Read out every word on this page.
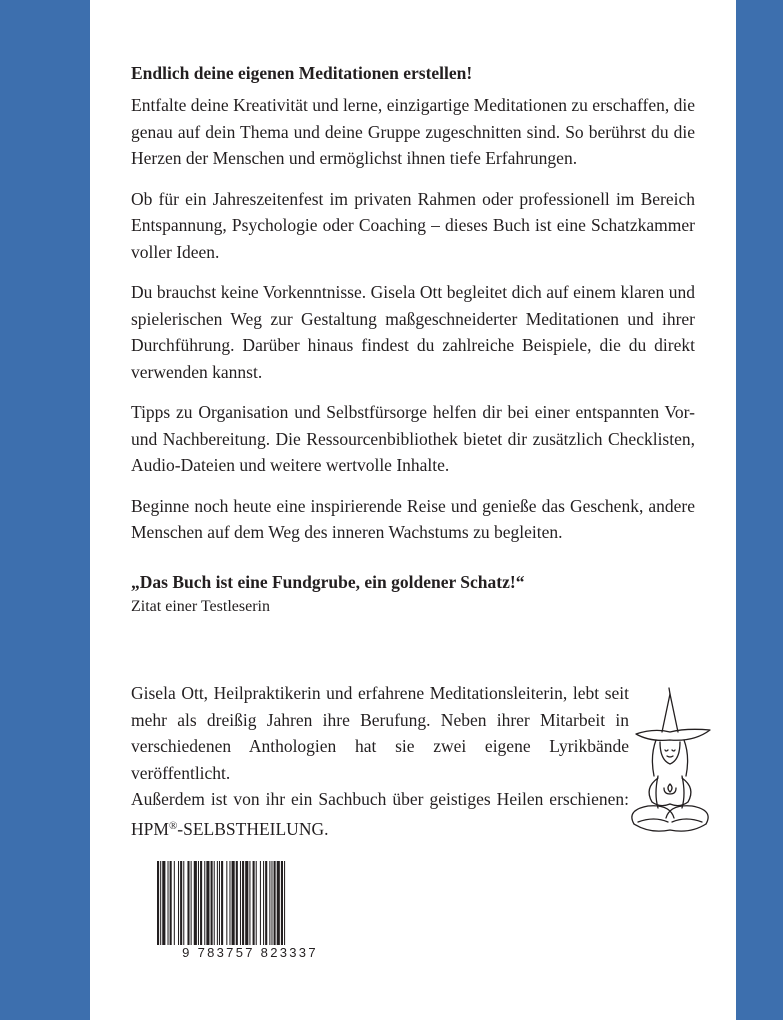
Endlich deine eigenen Meditationen erstellen!

Entfalte deine Kreativität und lerne, einzigartige Meditationen zu erschaffen, die genau auf dein Thema und deine Gruppe zugeschnitten sind. So berührst du die Herzen der Menschen und ermöglichst ihnen tiefe Erfahrungen.

Ob für ein Jahreszeitenfest im privaten Rahmen oder professionell im Bereich Entspannung, Psychologie oder Coaching – dieses Buch ist eine Schatzkammer voller Ideen.

Du brauchst keine Vorkenntnisse. Gisela Ott begleitet dich auf einem klaren und spielerischen Weg zur Gestaltung maßgeschneiderter Meditationen und ihrer Durchführung. Darüber hinaus findest du zahlreiche Beispiele, die du direkt verwenden kannst.

Tipps zu Organisation und Selbstfürsorge helfen dir bei einer entspannten Vor- und Nachbereitung. Die Ressourcenbibliothek bietet dir zusätzlich Checklisten, Audio-Dateien und weitere wertvolle Inhalte.

Beginne noch heute eine inspirierende Reise und genieße das Geschenk, andere Menschen auf dem Weg des inneren Wachstums zu begleiten.

„Das Buch ist eine Fundgrube, ein goldener Schatz!“
Zitat einer Testleserin

Gisela Ott, Heilpraktikerin und erfahrene Meditationsleiterin, lebt seit mehr als dreißig Jahren ihre Berufung. Neben ihrer Mitarbeit in verschiedenen Anthologien hat sie zwei eigene Lyrikbände veröffentlicht.

Außerdem ist von ihr ein Sachbuch über geistiges Heilen erschienen: HPM®-SELBSTHEILUNG.

9 783757 823337
